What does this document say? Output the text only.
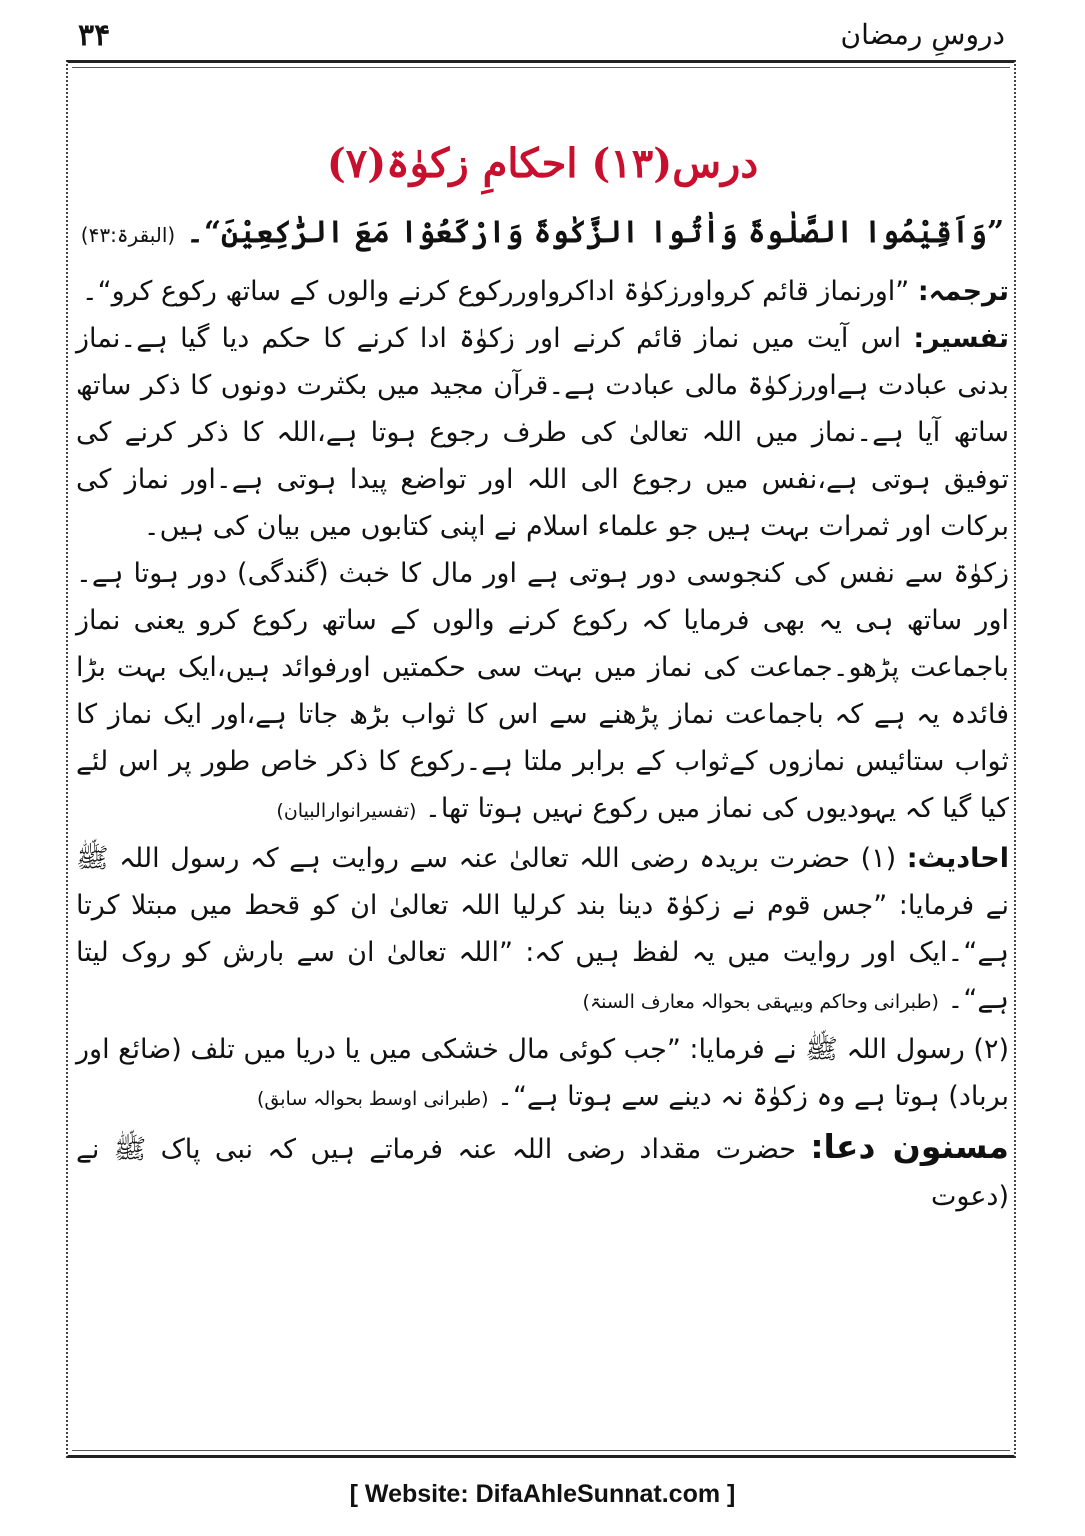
۳۴	دروسِ رمضان
درس(۱۳) احکامِ زکوٰۃ(۷)
”وَاَقِيْمُوا الصَّلٰوةَ وَاٰتُوا الزَّكٰوةَ وَارْكَعُوْا مَعَ الرّٰكِعِيْنَ“۔ (البقرۃ:۴۳)

ترجمہ: ”اورنماز قائم کرواورزکوٰۃ اداکرواوررکوع کرنے والوں کے ساتھ رکوع کرو“۔

تفسیر: اس آیت میں نماز قائم کرنے اور زکوٰۃ ادا کرنے کا حکم دیا گیا ہے۔نماز بدنی عبادت ہےاورزکوٰۃ مالی عبادت ہے۔قرآن مجید میں بکثرت دونوں کا ذکر ساتھ ساتھ آیا ہے۔نماز میں اللہ تعالیٰ کی طرف رجوع ہوتا ہے،اللہ کا ذکر کرنے کی توفیق ہوتی ہے،نفس میں رجوع الی اللہ اور تواضع پیدا ہوتی ہے۔اور نماز کی برکات اور ثمرات بہت ہیں جو علماء اسلام نے اپنی کتابوں میں بیان کی ہیں۔

زکوٰۃ سے نفس کی کنجوسی دور ہوتی ہے اور مال کا خبث (گندگی) دور ہوتا ہے۔اور ساتھ ہی یہ بھی فرمایا کہ رکوع کرنے والوں کے ساتھ رکوع کرو یعنی نماز باجماعت پڑھو۔جماعت کی نماز میں بہت سی حکمتیں اورفوائد ہیں،ایک بہت بڑا فائدہ یہ ہے کہ باجماعت نماز پڑھنے سے اس کا ثواب بڑھ جاتا ہے،اور ایک نماز کا ثواب ستائیس نمازوں کےثواب کے برابر ملتا ہے۔رکوع کا ذکر خاص طور پر اس لئے کیا گیا کہ یہودیوں کی نماز میں رکوع نہیں ہوتا تھا۔ (تفسیرانوارالبیان)

احادیث: (۱) حضرت بریدہ رضی اللہ تعالیٰ عنہ سے روایت ہے کہ رسول اللہ ﷺ نے فرمایا: ”جس قوم نے زکوٰۃ دینا بند کرلیا اللہ تعالیٰ ان کو قحط میں مبتلا کرتا ہے“۔ایک اور روایت میں یہ لفظ ہیں کہ: ”اللہ تعالیٰ ان سے بارش کو روک لیتا ہے“۔ (طبرانی وحاکم وبیہقی بحوالہ معارف السنۃ)

(۲) رسول اللہ ﷺ نے فرمایا: ”جب کوئی مال خشکی میں یا دریا میں تلف (ضائع اور برباد) ہوتا ہے وہ زکوٰۃ نہ دینے سے ہوتا ہے“۔ (طبرانی اوسط بحوالہ سابق)

مسنون دعا: حضرت مقداد رضی اللہ عنہ فرماتے ہیں کہ نبی پاک ﷺ نے (دعوت

[ Website: DifaAhleSunnat.com ]
